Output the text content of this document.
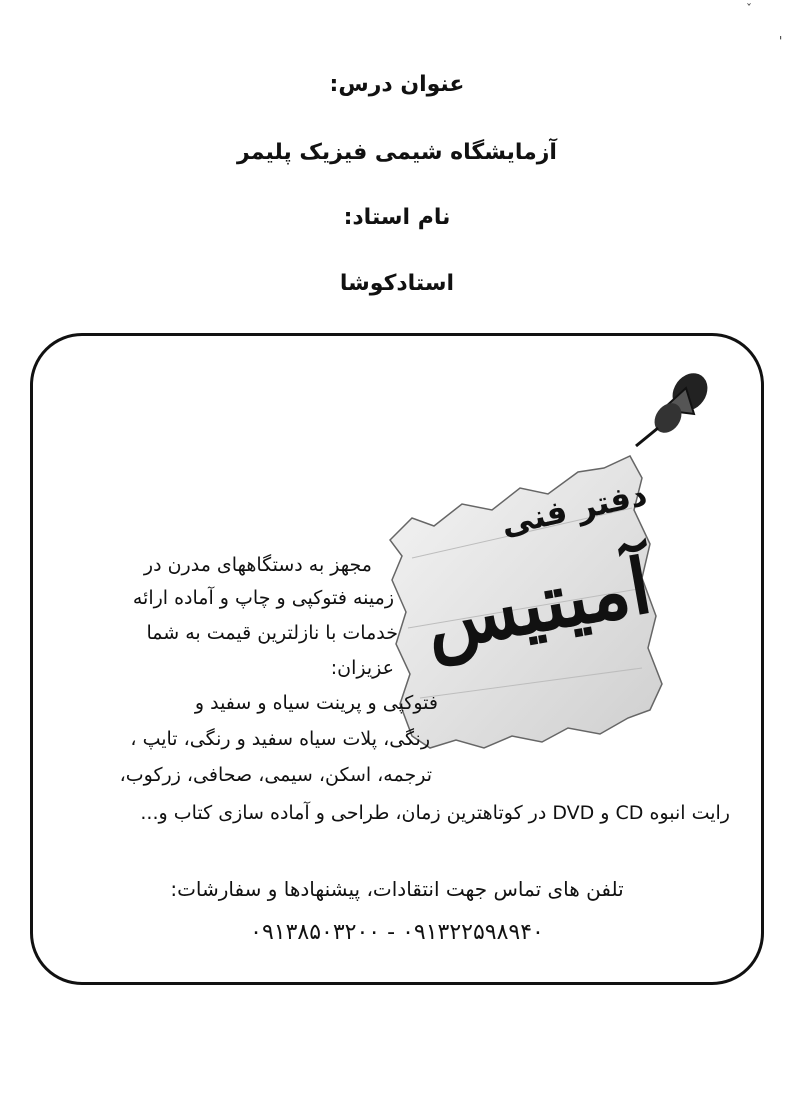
ˇ
'
عنوان درس:
آزمایشگاه شیمی فیزیک پلیمر
نام استاد:
استادکوشا
دفتر فنی
آمیتیس
مجهز به دستگاههای مدرن در
زمینه فتوکپی و چاپ و آماده ارائه
خدمات با نازلترین قیمت به شما
عزیزان:
فتوکپی و پرینت سیاه و سفید و
رنگی، پلات سیاه سفید و رنگی، تایپ ،
ترجمه، اسکن، سیمی، صحافی، زرکوب،
رایت انبوه CD و DVD در کوتاهترین زمان، طراحی و آماده سازی کتاب و...
تلفن های تماس جهت انتقادات، پیشنهادها و سفارشات:
۰۹۱۳۲۲۵۹۸۹۴۰ - ۰۹۱۳۸۵۰۳۲۰۰
